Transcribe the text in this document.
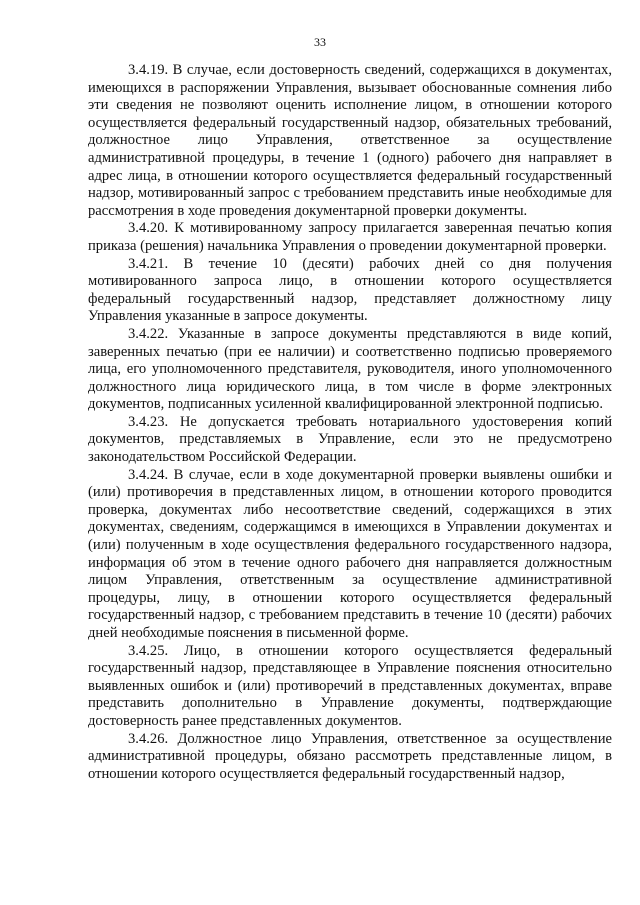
33

3.4.19. В случае, если достоверность сведений, содержащихся в документах, имеющихся в распоряжении Управления, вызывает обоснованные сомнения либо эти сведения не позволяют оценить исполнение лицом, в отношении которого осуществляется федеральный государственный надзор, обязательных требований, должностное лицо Управления, ответственное за осуществление административной процедуры, в течение 1 (одного) рабочего дня направляет в адрес лица, в отношении которого осуществляется федеральный государственный надзор, мотивированный запрос с требованием представить иные необходимые для рассмотрения в ходе проведения документарной проверки документы.

3.4.20. К мотивированному запросу прилагается заверенная печатью копия приказа (решения) начальника Управления о проведении документарной проверки.

3.4.21. В течение 10 (десяти) рабочих дней со дня получения мотивированного запроса лицо, в отношении которого осуществляется федеральный государственный надзор, представляет должностному лицу Управления указанные в запросе документы.

3.4.22. Указанные в запросе документы представляются в виде копий, заверенных печатью (при ее наличии) и соответственно подписью проверяемого лица, его уполномоченного представителя, руководителя, иного уполномоченного должностного лица юридического лица, в том числе в форме электронных документов, подписанных усиленной квалифицированной электронной подписью.

3.4.23. Не допускается требовать нотариального удостоверения копий документов, представляемых в Управление, если это не предусмотрено законодательством Российской Федерации.

3.4.24. В случае, если в ходе документарной проверки выявлены ошибки и (или) противоречия в представленных лицом, в отношении которого проводится проверка, документах либо несоответствие сведений, содержащихся в этих документах, сведениям, содержащимся в имеющихся в Управлении документах и (или) полученным в ходе осуществления федерального государственного надзора, информация об этом в течение одного рабочего дня направляется должностным лицом Управления, ответственным за осуществление административной процедуры, лицу, в отношении которого осуществляется федеральный государственный надзор, с требованием представить в течение 10 (десяти) рабочих дней необходимые пояснения в письменной форме.

3.4.25. Лицо, в отношении которого осуществляется федеральный государственный надзор, представляющее в Управление пояснения относительно выявленных ошибок и (или) противоречий в представленных документах, вправе представить дополнительно в Управление документы, подтверждающие достоверность ранее представленных документов.

3.4.26. Должностное лицо Управления, ответственное за осуществление административной процедуры, обязано рассмотреть представленные лицом, в отношении которого осуществляется федеральный государственный надзор,
